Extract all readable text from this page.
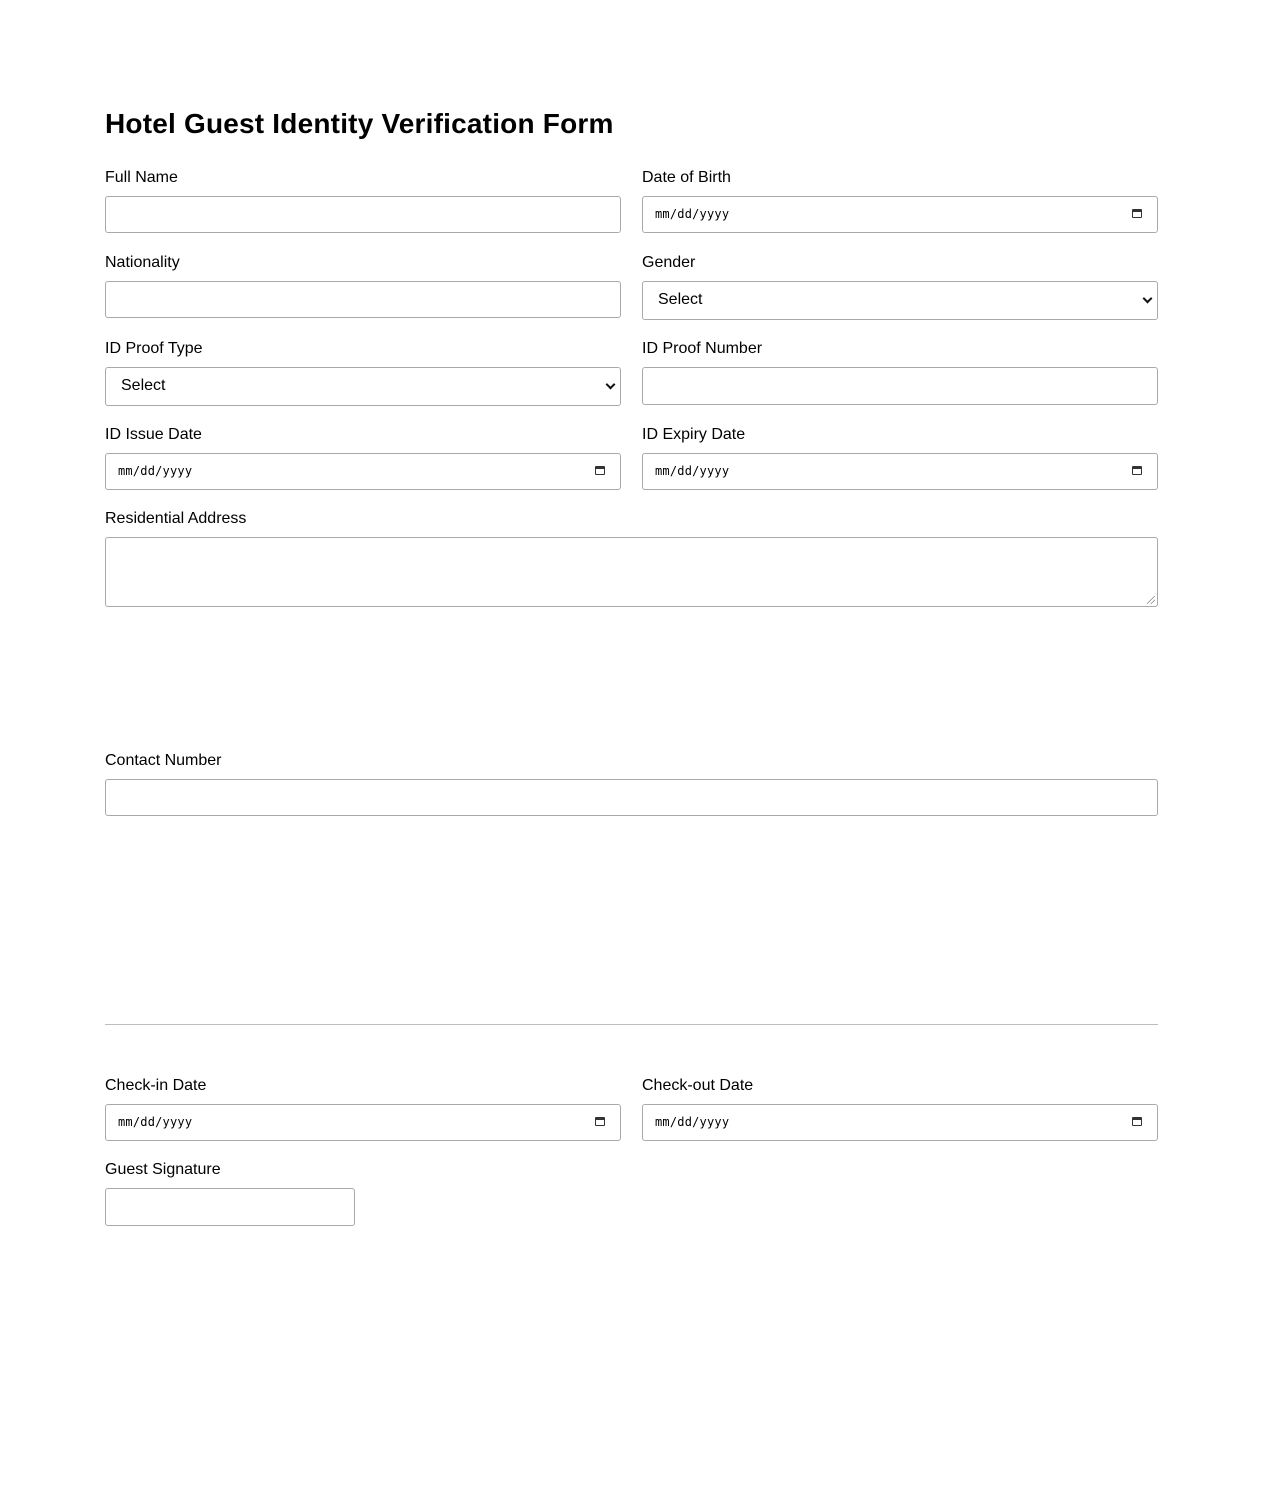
Hotel Guest Identity Verification Form
Full Name	Date of Birth
mm/dd/yyyy
Nationality	Gender
Select
ID Proof Type
Select
ID Proof Number
ID Issue Date
mm/dd/yyyy
ID Expiry Date
mm/dd/yyyy
Residential Address
Contact Number
Check-in Date
mm/dd/yyyy
Check-out Date
mm/dd/yyyy
Guest Signature
